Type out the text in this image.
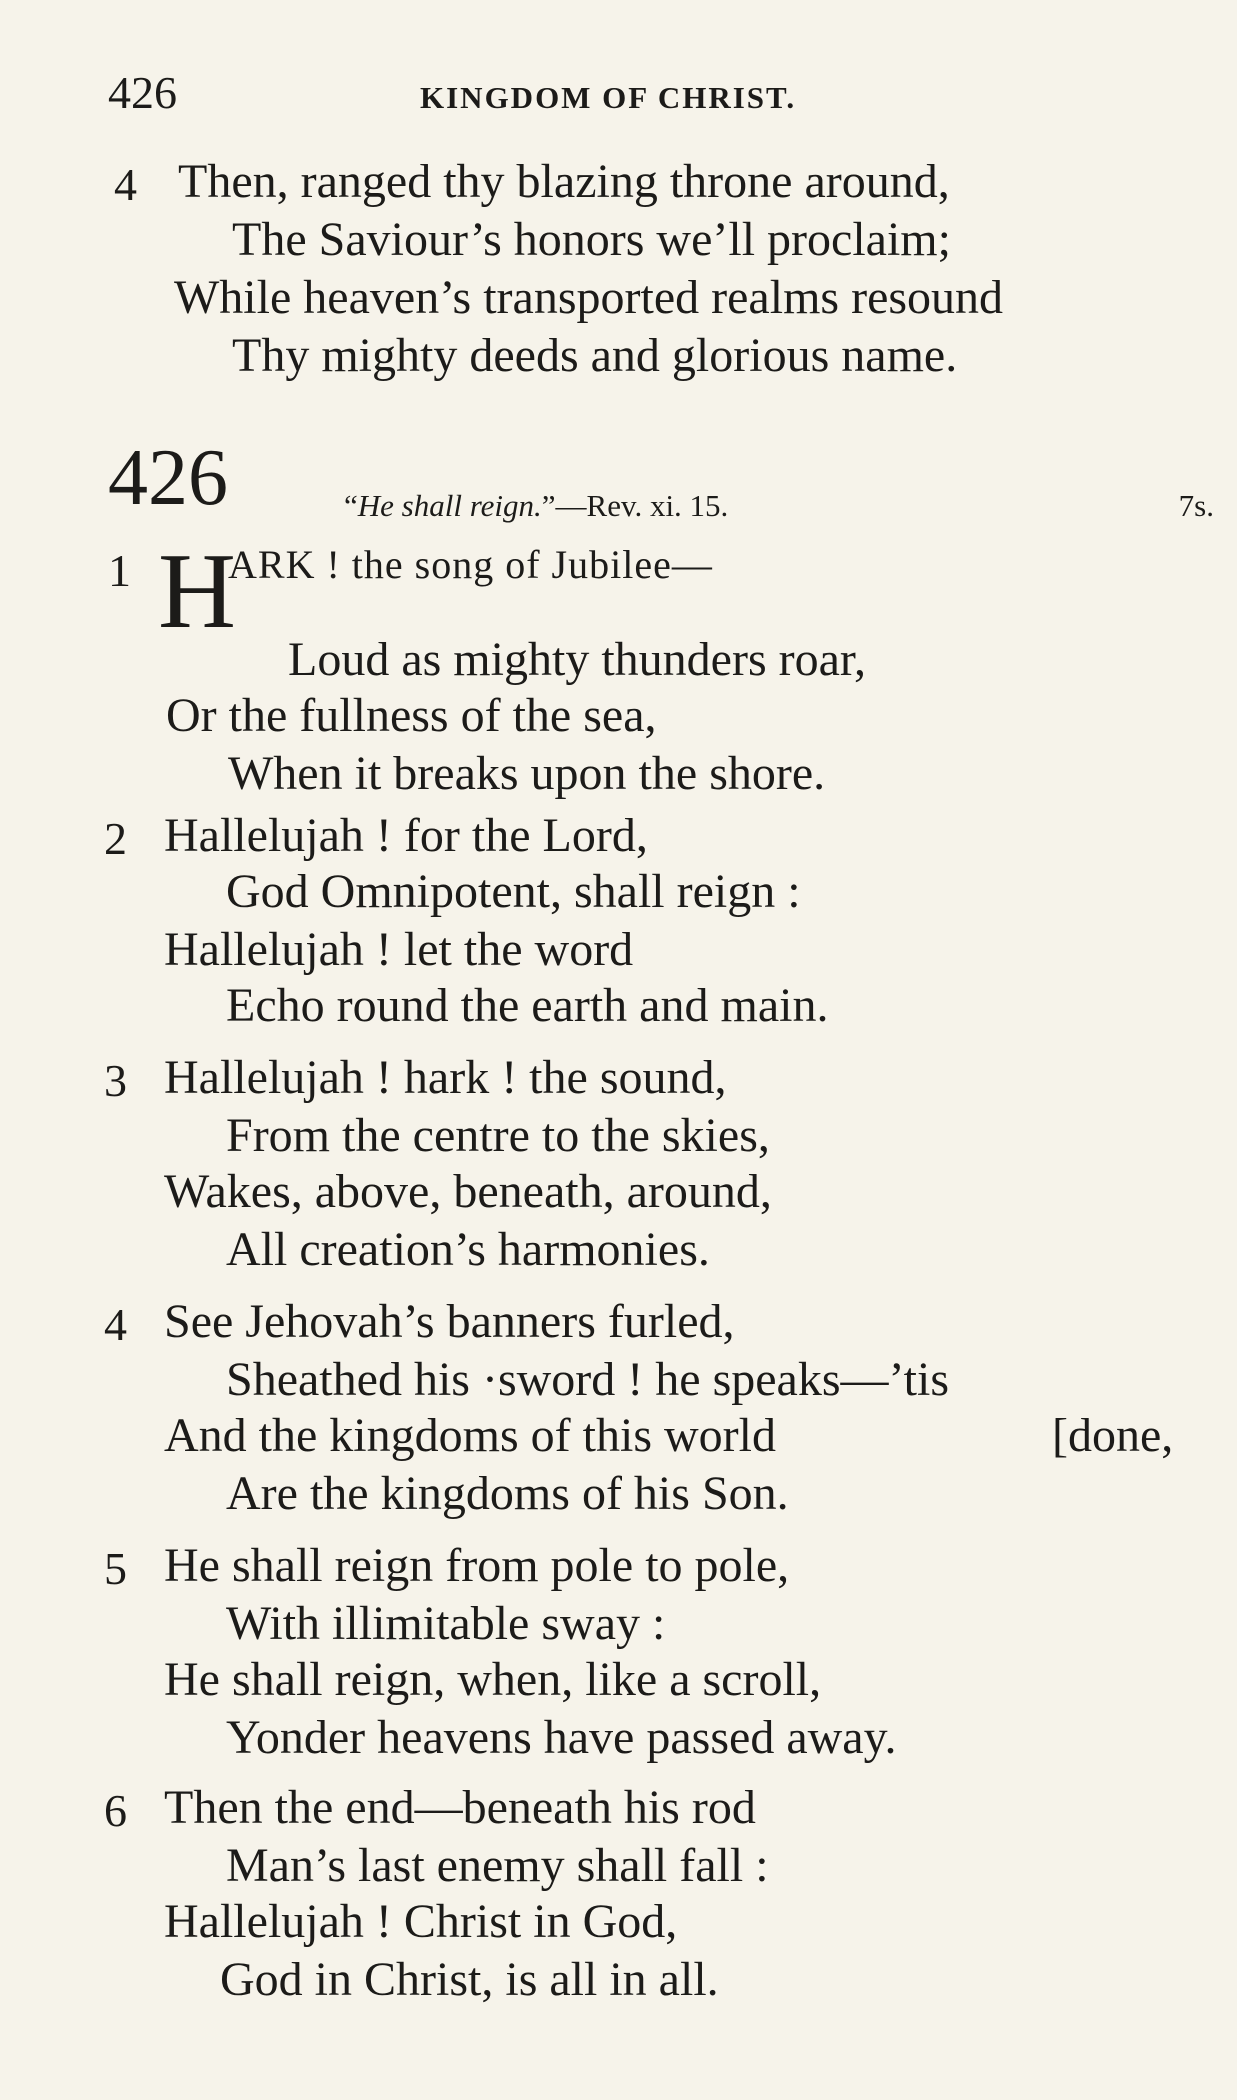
426	KINGDOM OF CHRIST.
4 Then, ranged thy blazing throne around,
The Saviour’s honors we’ll proclaim;
While heaven’s transported realms resound
Thy mighty deeds and glorious name.
426	“He shall reign.”—Rev. xi. 15.	7s.
1 H
ARK ! the song of Jubilee—
Loud as mighty thunders roar,
Or the fullness of the sea,
When it breaks upon the shore.
2 Hallelujah ! for the Lord,
God Omnipotent, shall reign :
Hallelujah ! let the word
Echo round the earth and main.
3 Hallelujah ! hark ! the sound,
From the centre to the skies,
Wakes, above, beneath, around,
All creation’s harmonies.
4 See Jehovah’s banners furled,
Sheathed his ·sword ! he speaks—’tis
And the kingdoms of this world	[done,
Are the kingdoms of his Son.
5 He shall reign from pole to pole,
With illimitable sway :
He shall reign, when, like a scroll,
Yonder heavens have passed away.
6 Then the end—beneath his rod
Man’s last enemy shall fall :
Hallelujah ! Christ in God,
God in Christ, is all in all.
